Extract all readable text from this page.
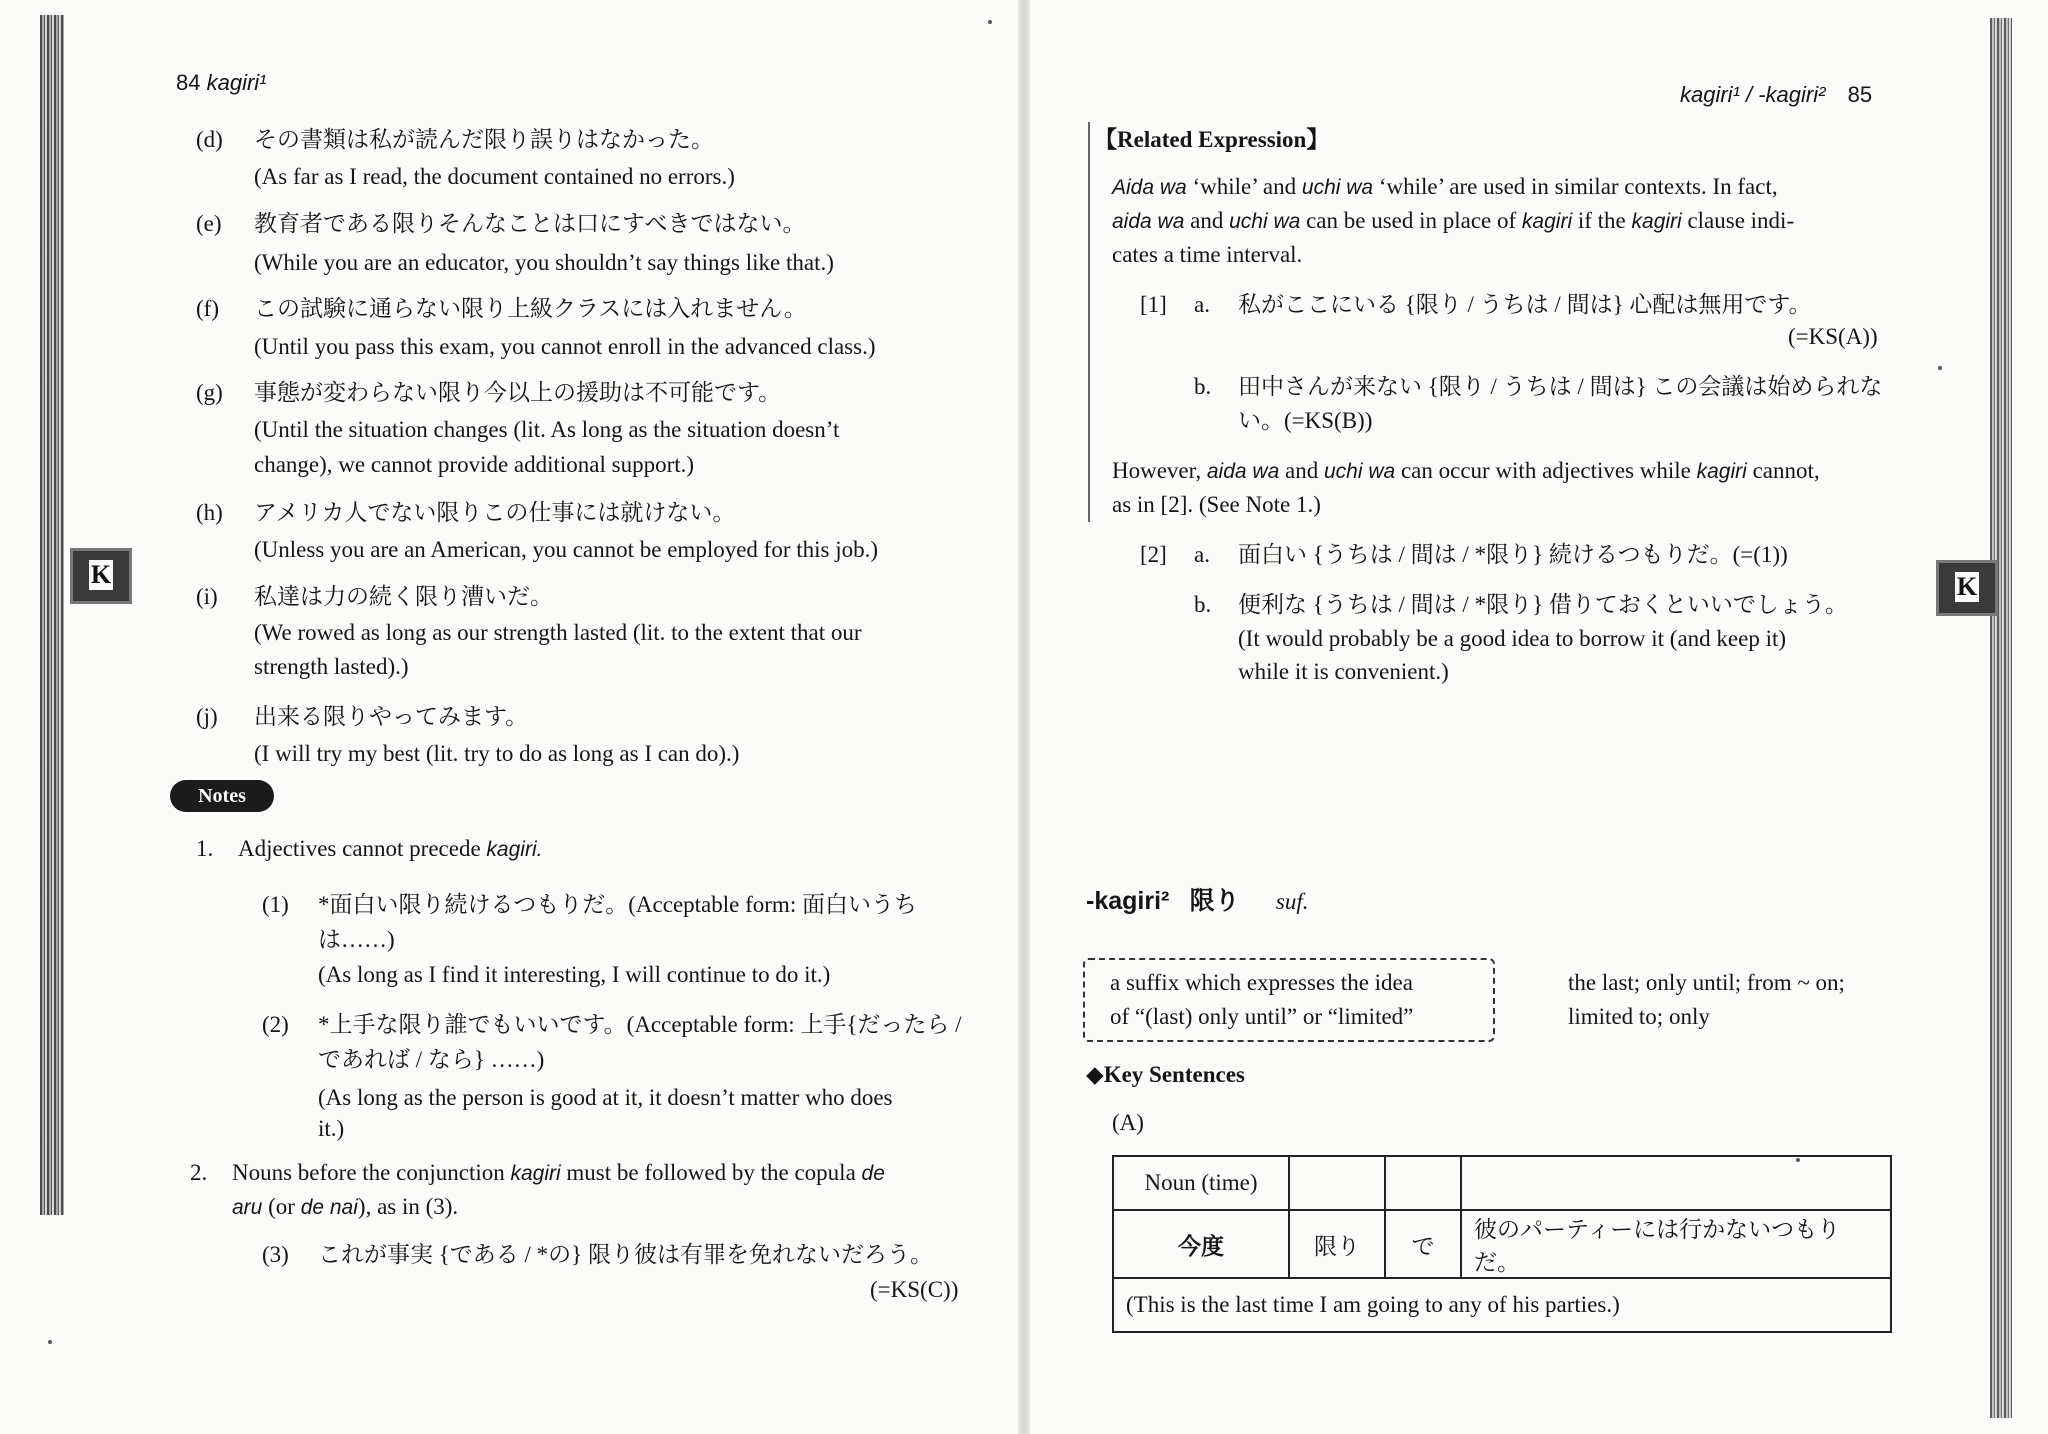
84 kagiri¹
(d) その書類は私が読んだ限り誤りはなかった。
(As far as I read, the document contained no errors.)
(e) 教育者である限りそんなことは口にすべきではない。
(While you are an educator, you shouldn’t say things like that.)
(f) この試験に通らない限り上級クラスには入れません。
(Until you pass this exam, you cannot enroll in the advanced class.)
(g) 事態が変わらない限り今以上の援助は不可能です。
(Until the situation changes (lit. As long as the situation doesn’t
change), we cannot provide additional support.)
(h) アメリカ人でない限りこの仕事には就けない。
(Unless you are an American, you cannot be employed for this job.)
(i) 私達は力の続く限り漕いだ。
(We rowed as long as our strength lasted (lit. to the extent that our
strength lasted).)
(j) 出来る限りやってみます。
(I will try my best (lit. try to do as long as I can do).)
Notes
1. Adjectives cannot precede kagiri.
(1) *面白い限り続けるつもりだ。(Acceptable form: 面白いうち
は……)
(As long as I find it interesting, I will continue to do it.)
(2) *上手な限り誰でもいいです。(Acceptable form: 上手{だったら /
であれば / なら} ……)
(As long as the person is good at it, it doesn’t matter who does
it.)
2. Nouns before the conjunction kagiri must be followed by the copula de
aru (or de nai), as in (3).
(3) これが事実 {である / *の} 限り彼は有罪を免れないだろう。
(=KS(C))
K
kagiri¹ / -kagiri² 85
【Related Expression】
Aida wa ‘while’ and uchi wa ‘while’ are used in similar contexts. In fact,
aida wa and uchi wa can be used in place of kagiri if the kagiri clause indi-
cates a time interval.
[1] a. 私がここにいる {限り / うちは / 間は} 心配は無用です。
(=KS(A))
b. 田中さんが来ない {限り / うちは / 間は} この会議は始められな
い。(=KS(B))
However, aida wa and uchi wa can occur with adjectives while kagiri cannot,
as in [2]. (See Note 1.)
[2] a. 面白い {うちは / 間は / *限り} 続けるつもりだ。(=(1))
b. 便利な {うちは / 間は / *限り} 借りておくといいでしょう。
(It would probably be a good idea to borrow it (and keep it)
while it is convenient.)
-kagiri² 限り suf.
a suffix which expresses the idea
of “(last) only until” or “limited”
the last; only until; from ~ on;
limited to; only
◆Key Sentences
(A)
Noun (time)			
今度	限り	で	彼のパーティーには行かないつもりだ。
(This is the last time I am going to any of his parties.)			
K
